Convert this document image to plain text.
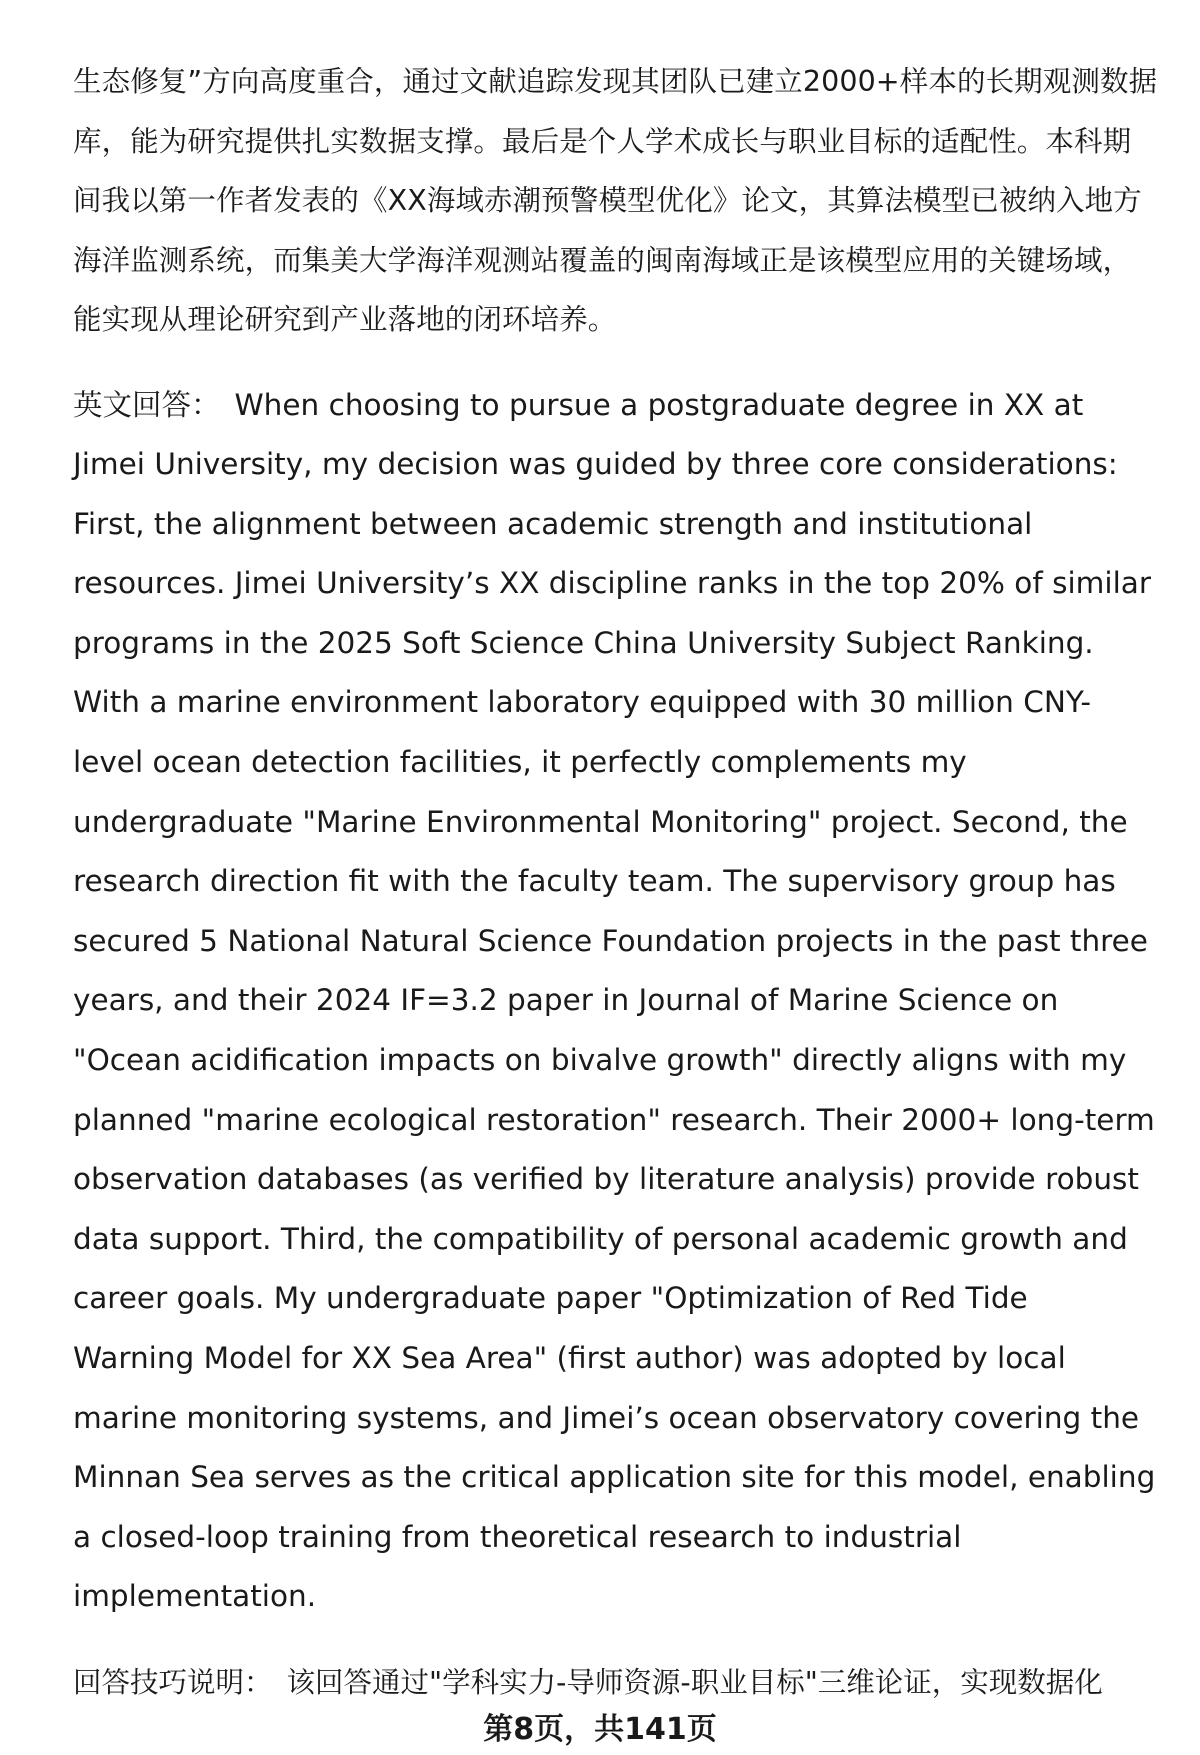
生态修复”方向高度重合，通过文献追踪发现其团队已建立2000+样本的长期观测数据库，能为研究提供扎实数据支撑。最后是个人学术成长与职业目标的适配性。本科期间我以第一作者发表的《XX海域赤潮预警模型优化》论文，其算法模型已被纳入地方海洋监测系统，而集美大学海洋观测站覆盖的闽南海域正是该模型应用的关键场域，能实现从理论研究到产业落地的闭环培养。

英文回答： When choosing to pursue a postgraduate degree in XX at Jimei University, my decision was guided by three core considerations: First, the alignment between academic strength and institutional resources. Jimei University’s XX discipline ranks in the top 20% of similar programs in the 2025 Soft Science China University Subject Ranking. With a marine environment laboratory equipped with 30 million CNY-level ocean detection facilities, it perfectly complements my undergraduate "Marine Environmental Monitoring" project. Second, the research direction fit with the faculty team. The supervisory group has secured 5 National Natural Science Foundation projects in the past three years, and their 2024 IF=3.2 paper in Journal of Marine Science on "Ocean acidification impacts on bivalve growth" directly aligns with my planned "marine ecological restoration" research. Their 2000+ long-term observation databases (as verified by literature analysis) provide robust data support. Third, the compatibility of personal academic growth and career goals. My undergraduate paper "Optimization of Red Tide Warning Model for XX Sea Area" (first author) was adopted by local marine monitoring systems, and Jimei’s ocean observatory covering the Minnan Sea serves as the critical application site for this model, enabling a closed-loop training from theoretical research to industrial implementation.

回答技巧说明： 该回答通过"学科实力-导师资源-职业目标"三维论证，实现数据化

第8页，共141页
